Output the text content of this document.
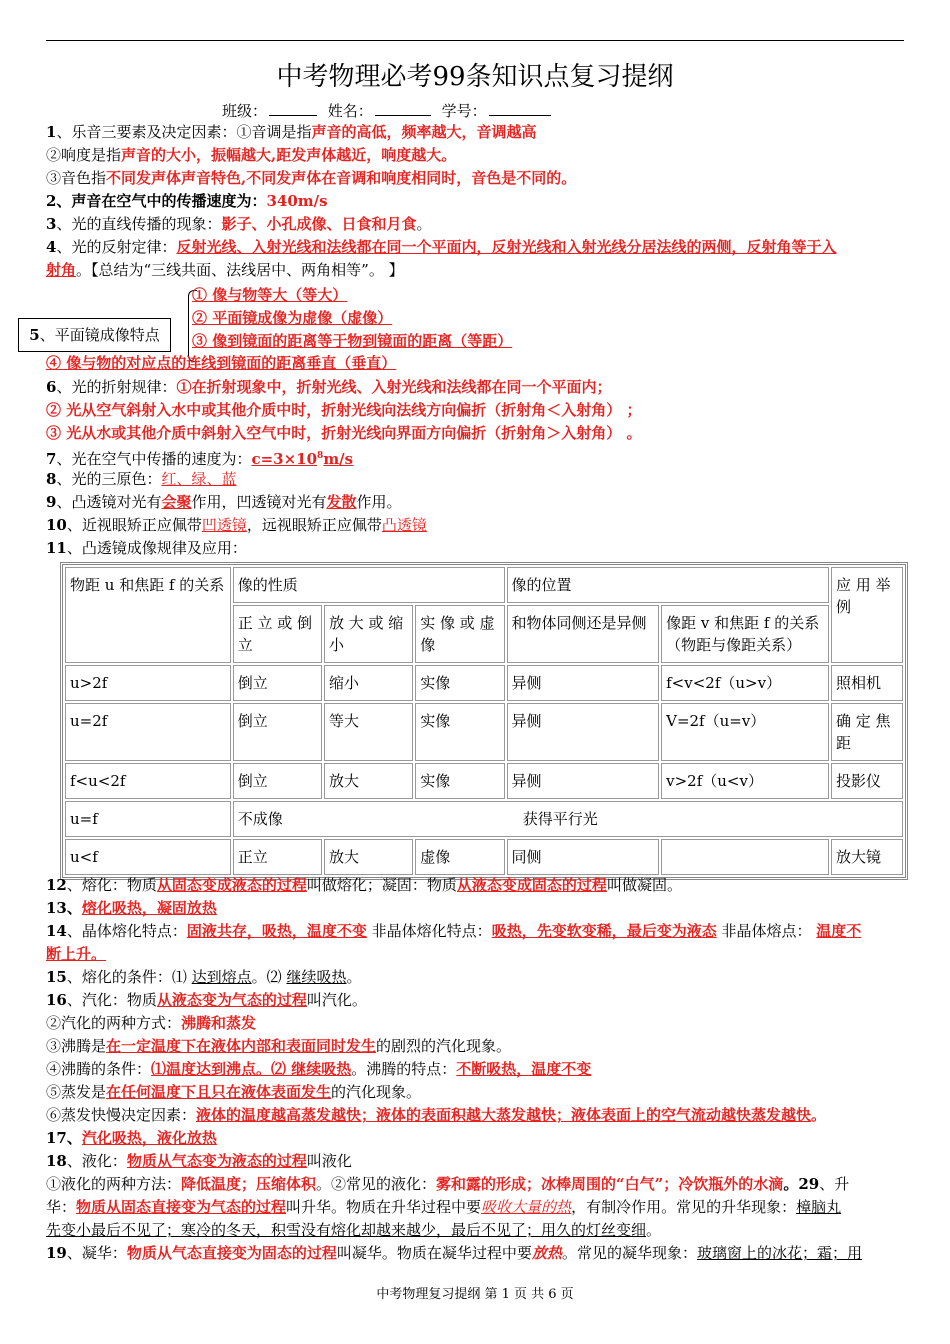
中考物理必考99条知识点复习提纲
班级：	姓名：	学号：
1、乐音三要素及决定因素：①音调是指声音的高低，频率越大，音调越高
②响度是指声音的大小，振幅越大,距发声体越近，响度越大。
③音色指不同发声体声音特色,不同发声体在音调和响度相同时，音色是不同的。
2、声音在空气中的传播速度为：340m/s
3、光的直线传播的现象：影子、小孔成像、日食和月食。
4、光的反射定律：反射光线、入射光线和法线都在同一个平面内，反射光线和入射光线分居法线的两侧，反射角等于入
射角。【总结为“三线共面、法线居中、两角相等”。 】
① 像与物等大（等大）
② 平面镜成像为虚像（虚像）
5、平面镜成像特点	③ 像到镜面的距离等于物到镜面的距离（等距）
④ 像与物的对应点的连线到镜面的距离垂直（垂直）
6、光的折射规律：①在折射现象中，折射光线、入射光线和法线都在同一个平面内；
② 光从空气斜射入水中或其他介质中时，折射光线向法线方向偏折（折射角＜入射角） ；
③ 光从水或其他介质中斜射入空气中时，折射光线向界面方向偏折（折射角＞入射角） 。
7、光在空气中传播的速度为：$c=3\times 10^8m/s$
8、光的三原色：红、绿、蓝
9、凸透镜对光有会聚作用，凹透镜对光有发散作用。
10、近视眼矫正应佩带凹透镜，远视眼矫正应佩带凸透镜
11、凸透镜成像规律及应用：
物距 u 和焦距 f 的关系	像的性质			像的位置		应 用 举例
	正 立 或 倒 立	放 大 或 缩小	实 像 或 虚像	和物体同侧还是异侧	像距 v 和焦距 f 的关系（物距与像距关系）	
u>2f	倒立	缩小	实像	异侧	f<v<2f（u>v）	照相机
u=2f	倒立	等大	实像	异侧	V=2f（u=v）	确 定 焦距
f<u<2f	倒立	放大	实像	异侧	v>2f（u<v）	投影仪
u=f	不成像 获得平行光					
u<f	正立	放大	虚像	同侧		放大镜
12、熔化：物质从固态变成液态的过程叫做熔化；凝固：物质从液态变成固态的过程叫做凝固。
13、熔化吸热，凝固放热
14、晶体熔化特点：固液共存，吸热，温度不变 非晶体熔化特点：吸热，先变软变稀，最后变为液态 非晶体熔点： 温度不
断上升。
15、熔化的条件：⑴ 达到熔点。⑵ 继续吸热。
16、汽化：物质从液态变为气态的过程叫汽化。
②汽化的两种方式：沸腾和蒸发
③沸腾是在一定温度下在液体内部和表面同时发生的剧烈的汽化现象。
④沸腾的条件：⑴温度达到沸点。⑵ 继续吸热。沸腾的特点：不断吸热，温度不变
⑤蒸发是在任何温度下且只在液体表面发生的汽化现象。
⑥蒸发快慢决定因素：液体的温度越高蒸发越快；液体的表面积越大蒸发越快；液体表面上的空气流动越快蒸发越快。
17、汽化吸热，液化放热
18、液化：物质从气态变为液态的过程叫液化
①液化的两种方法：降低温度；压缩体积。②常见的液化：雾和露的形成；冰棒周围的“白气”；冷饮瓶外的水滴。29、升
华：物质从固态直接变为气态的过程叫升华。物质在升华过程中要吸收大量的热，有制冷作用。常见的升华现象：樟脑丸
先变小最后不见了；寒冷的冬天，积雪没有熔化却越来越少，最后不见了；用久的灯丝变细。
19、凝华：物质从气态直接变为固态的过程叫凝华。物质在凝华过程中要放热。常见的凝华现象：玻璃窗上的冰花；霜；用
中考物理复习提纲 第 1 页 共 6 页
